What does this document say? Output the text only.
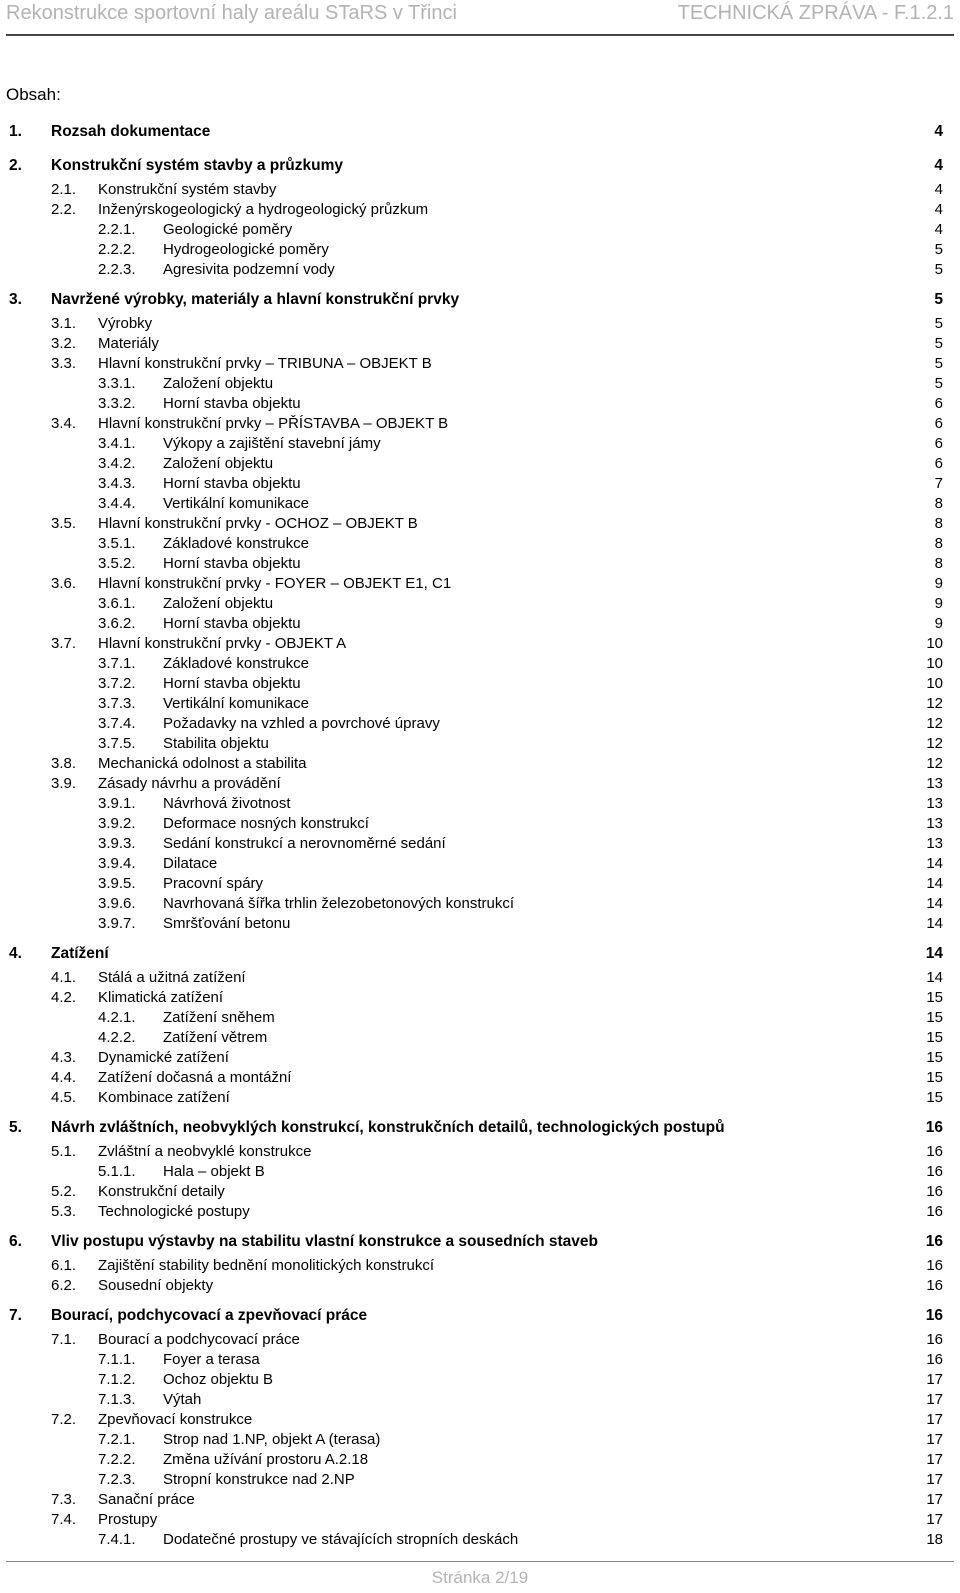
Rekonstrukce sportovní haly areálu STaRS v Třinci	TECHNICKÁ ZPRÁVA - F.1.2.1
Obsah:
1. Rozsah dokumentace	4
2. Konstrukční systém stavby a průzkumy	4
2.1. Konstrukční systém stavby	4
2.2. Inženýrskogeologický a hydrogeologický průzkum	4
2.2.1. Geologické poměry	4
2.2.2. Hydrogeologické poměry	5
2.2.3. Agresivita podzemní vody	5
3. Navržené výrobky, materiály a hlavní konstrukční prvky	5
3.1. Výrobky	5
3.2. Materiály	5
3.3. Hlavní konstrukční prvky – TRIBUNA – OBJEKT B	5
3.3.1. Založení objektu	5
3.3.2. Horní stavba objektu	6
3.4. Hlavní konstrukční prvky – PŘÍSTAVBA – OBJEKT B	6
3.4.1. Výkopy a zajištění stavební jámy	6
3.4.2. Založení objektu	6
3.4.3. Horní stavba objektu	7
3.4.4. Vertikální komunikace	8
3.5. Hlavní konstrukční prvky - OCHOZ – OBJEKT B	8
3.5.1. Základové konstrukce	8
3.5.2. Horní stavba objektu	8
3.6. Hlavní konstrukční prvky - FOYER – OBJEKT E1, C1	9
3.6.1. Založení objektu	9
3.6.2. Horní stavba objektu	9
3.7. Hlavní konstrukční prvky - OBJEKT A	10
3.7.1. Základové konstrukce	10
3.7.2. Horní stavba objektu	10
3.7.3. Vertikální komunikace	12
3.7.4. Požadavky na vzhled a povrchové úpravy	12
3.7.5. Stabilita objektu	12
3.8. Mechanická odolnost a stabilita	12
3.9. Zásady návrhu a provádění	13
3.9.1. Návrhová životnost	13
3.9.2. Deformace nosných konstrukcí	13
3.9.3. Sedání konstrukcí a nerovnoměrné sedání	13
3.9.4. Dilatace	14
3.9.5. Pracovní spáry	14
3.9.6. Navrhovaná šířka trhlin železobetonových konstrukcí	14
3.9.7. Smršťování betonu	14
4. Zatížení	14
4.1. Stálá a užitná zatížení	14
4.2. Klimatická zatížení	15
4.2.1. Zatížení sněhem	15
4.2.2. Zatížení větrem	15
4.3. Dynamické zatížení	15
4.4. Zatížení dočasná a montážní	15
4.5. Kombinace zatížení	15
5. Návrh zvláštních, neobvyklých konstrukcí, konstrukčních detailů, technologických postupů	16
5.1. Zvláštní a neobvyklé konstrukce	16
5.1.1. Hala – objekt B	16
5.2. Konstrukční detaily	16
5.3. Technologické postupy	16
6. Vliv postupu výstavby na stabilitu vlastní konstrukce a sousedních staveb	16
6.1. Zajištění stability bednění monolitických konstrukcí	16
6.2. Sousední objekty	16
7. Bourací, podchycovací a zpevňovací práce	16
7.1. Bourací a podchycovací práce	16
7.1.1. Foyer a terasa	16
7.1.2. Ochoz objektu B	17
7.1.3. Výtah	17
7.2. Zpevňovací konstrukce	17
7.2.1. Strop nad 1.NP, objekt A (terasa)	17
7.2.2. Změna užívání prostoru A.2.18	17
7.2.3. Stropní konstrukce nad 2.NP	17
7.3. Sanační práce	17
7.4. Prostupy	17
7.4.1. Dodatečné prostupy ve stávajících stropních deskách	18
Stránka 2/19
